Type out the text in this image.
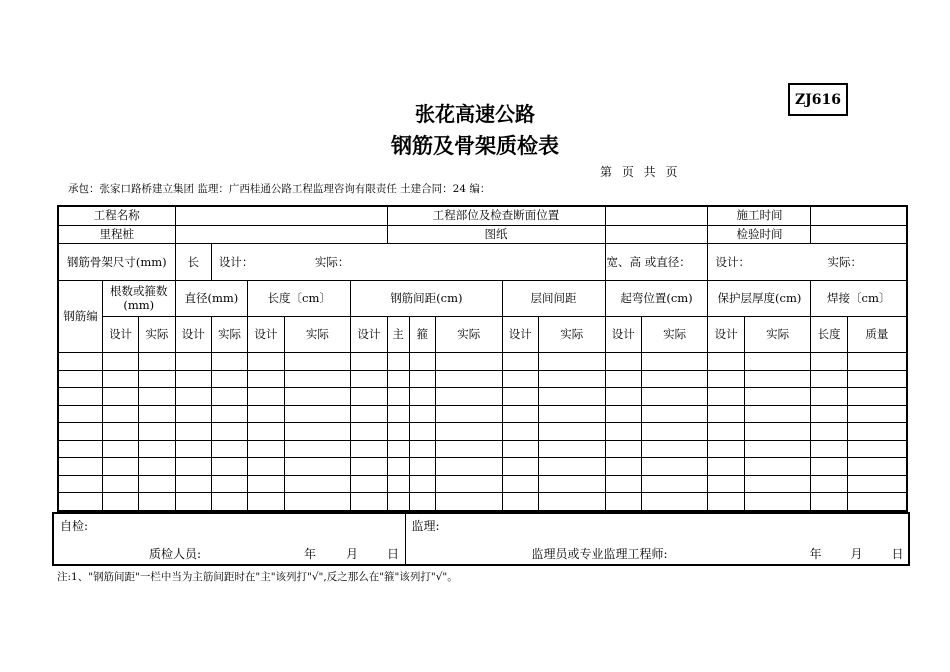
ZJ616
张花高速公路
钢筋及骨架质检表
第 页 共 页
承包：张家口路桥建立集团 监理：广西桂通公路工程监理咨询有限责任 土建合同：24 编：
工程名称								工程部位及检查断面位置							施工时间			
里程桩								图纸							检验时间			
钢筋骨架尺寸(mm)			长	设计： 实际：									宽、高 或直径：		设计： 实际：			
钢筋编	根数或箍数(mm)		直径(mm)		长度〔cm〕		钢筋间距(cm)				层间间距		起弯位置(cm)		保护层厚度(cm)		焊接〔cm〕	
	设计	实际	设计	实际	设计	实际	设计	主	箍	实际	设计	实际	设计	实际	设计	实际	长度	质量

自检:
质检人员:	年 月 日

监理:
监理员或专业监理工程师:	年 月 日
注:1、"钢筋间距"一栏中当为主筋间距时在"主"该列打"√",反之那么在"箍"该列打"√"。
